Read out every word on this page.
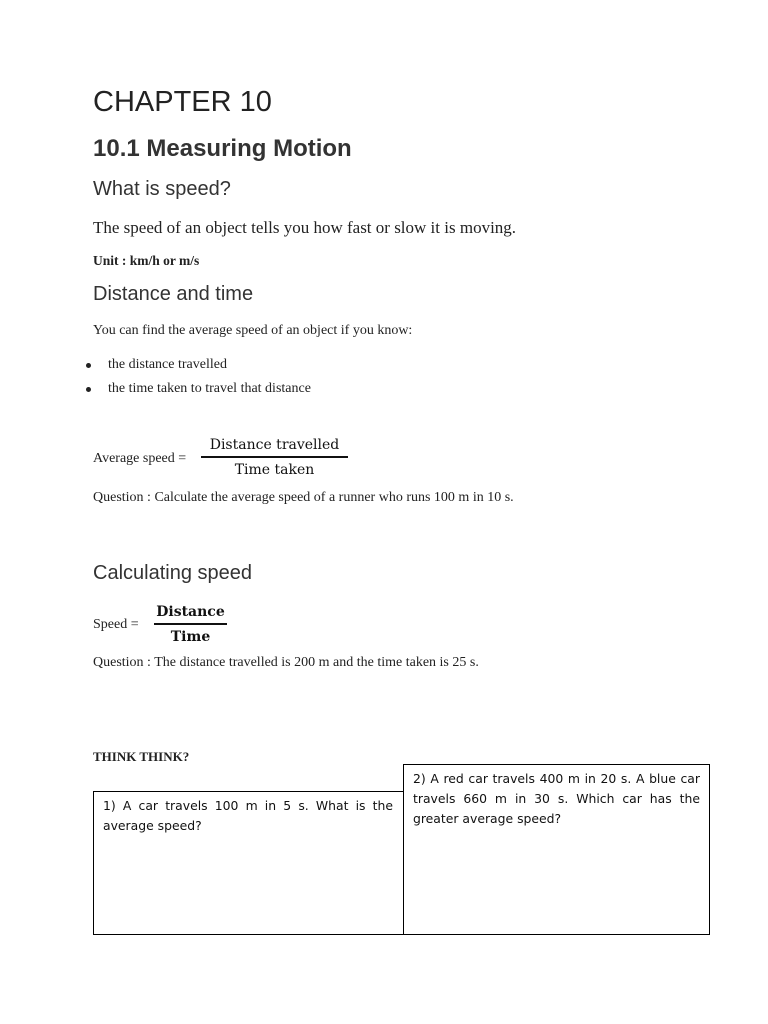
CHAPTER 10
10.1 Measuring Motion
What is speed?
The speed of an object tells you how fast or slow it is moving.
Unit : km/h or m/s
Distance and time
You can find the average speed of an object if you know:
the distance travelled
the time taken to travel that distance
Average speed =
Distance travelled
Time taken
Question : Calculate the average speed of a runner who runs 100 m in 10 s.
Calculating speed
Speed =
Distance
Time
Question : The distance travelled is 200 m and the time taken is 25 s.
THINK THINK?
2) A red car travels 400 m in 20 s. A blue car travels 660 m in 30 s. Which car has the greater average speed?
1) A car travels 100 m in 5 s. What is the average speed?
